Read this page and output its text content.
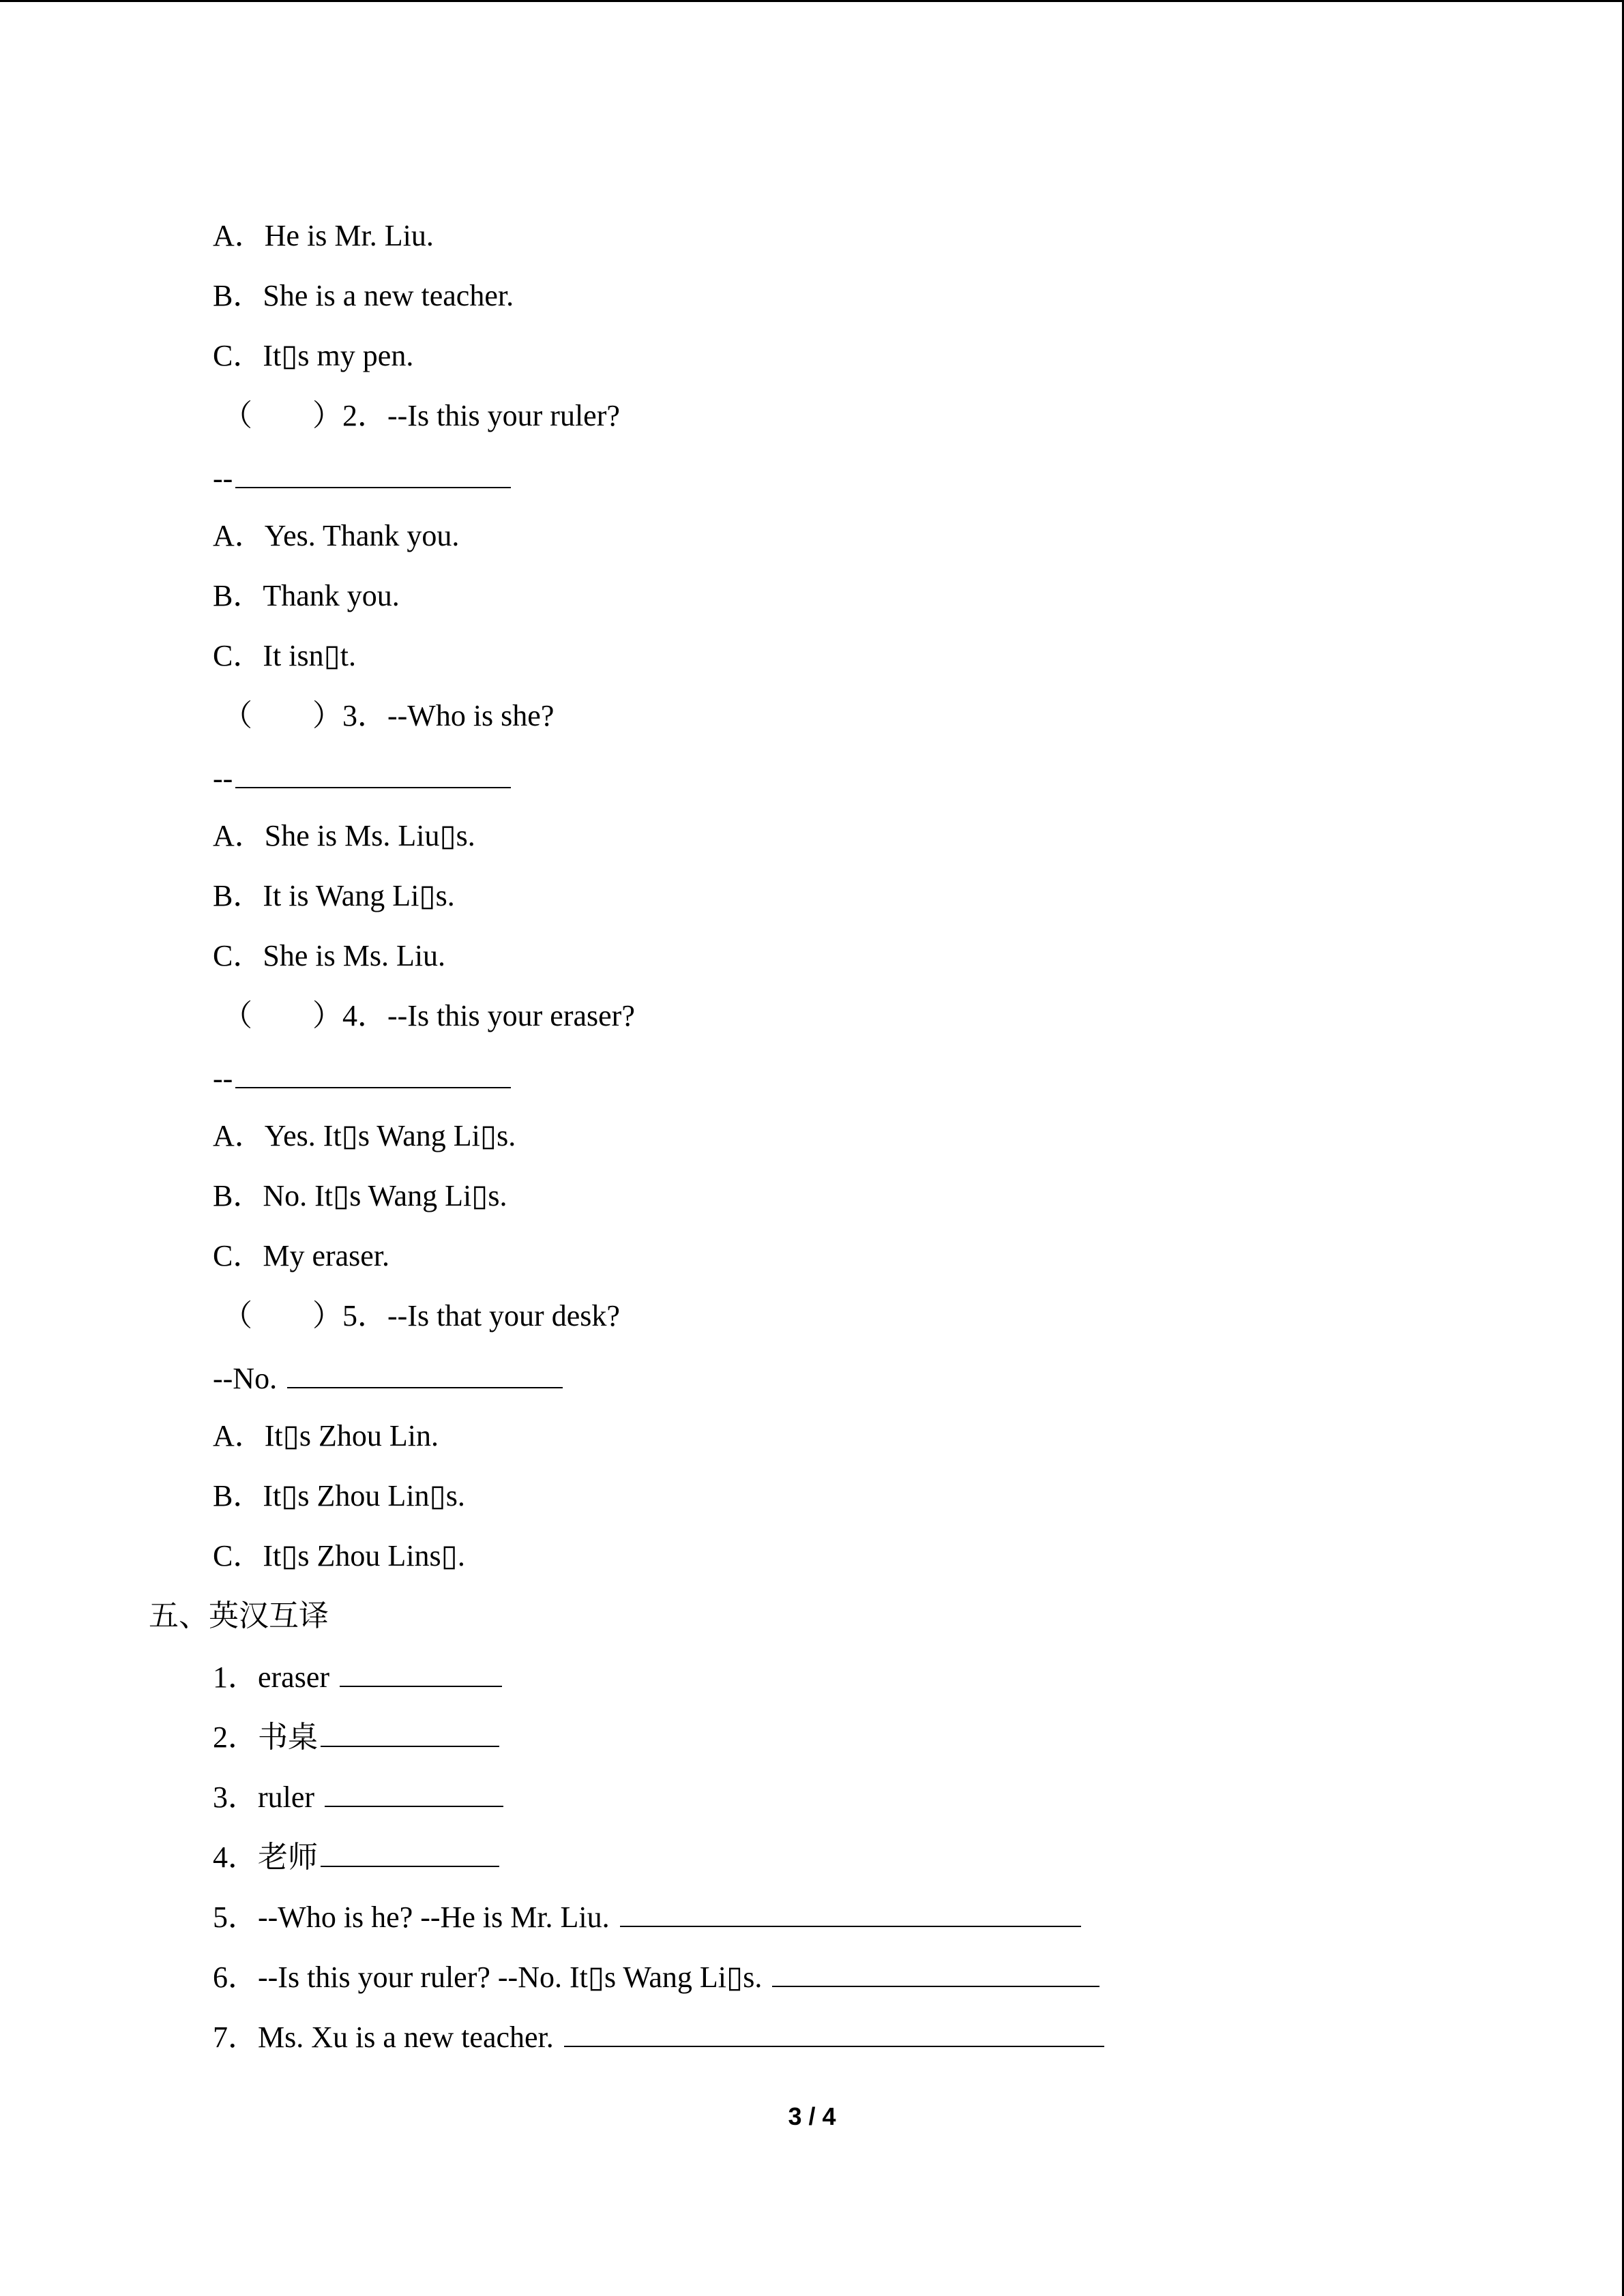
A．He is Mr. Liu.
B．She is a new teacher.
C．It▯s my pen.
（ ）2．--Is this your ruler?
--
A．Yes. Thank you.
B．Thank you.
C．It isn▯t.
（ ）3．--Who is she?
--
A．She is Ms. Liu▯s.
B．It is Wang Li▯s.
C．She is Ms. Liu.
（ ）4．--Is this your eraser?
--
A．Yes. It▯s Wang Li▯s.
B．No. It▯s Wang Li▯s.
C．My eraser.
（ ）5．--Is that your desk?
--No.
A．It▯s Zhou Lin.
B．It▯s Zhou Lin▯s.
C．It▯s Zhou Lins▯.
五、英汉互译
1．eraser
2．书桌
3．ruler
4．老师
5．--Who is he? --He is Mr. Liu.
6．--Is this your ruler? --No. It▯s Wang Li▯s.
7．Ms. Xu is a new teacher.
3 / 4
